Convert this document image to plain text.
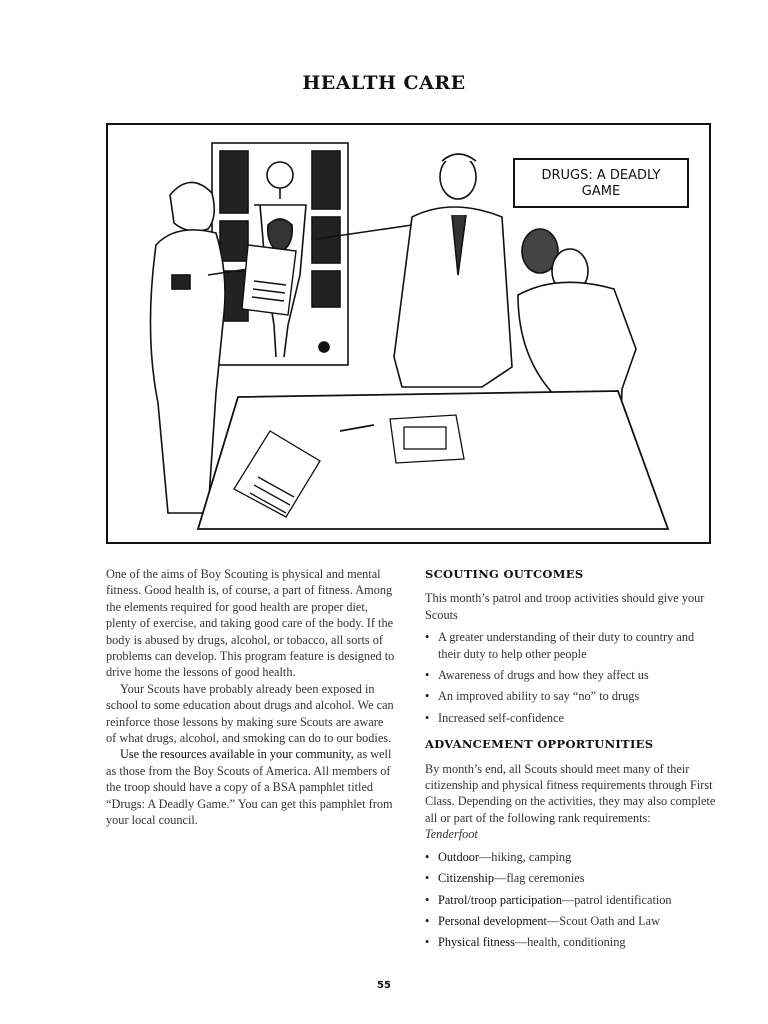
HEALTH CARE
DRUGS: A DEADLY
GAME

One of the aims of Boy Scouting is physical and mental fitness. Good health is, of course, a part of fitness. Among the elements required for good health are proper diet, plenty of exercise, and taking good care of the body. If the body is abused by drugs, alcohol, or tobacco, all sorts of problems can develop. This program feature is designed to drive home the lessons of good health.

Your Scouts have probably already been exposed in school to some education about drugs and alcohol. We can reinforce those lessons by making sure Scouts are aware of what drugs, alcohol, and smoking can do to our bodies.

Use the resources available in your community, as well as those from the Boy Scouts of America. All members of the troop should have a copy of a BSA pamphlet titled “Drugs: A Deadly Game.” You can get this pamphlet from your local council.

SCOUTING OUTCOMES

This month’s patrol and troop activities should give your Scouts

• A greater understanding of their duty to country and their duty to help other people
• Awareness of drugs and how they affect us
• An improved ability to say “no” to drugs
• Increased self-confidence
ADVANCEMENT OPPORTUNITIES

By month’s end, all Scouts should meet many of their citizenship and physical fitness requirements through First Class. Depending on the activities, they may also complete all or part of the following rank requirements:

Tenderfoot

• Outdoor—hiking, camping
• Citizenship—flag ceremonies
• Patrol/troop participation—patrol identification
• Personal development—Scout Oath and Law
• Physical fitness—health, conditioning
55
